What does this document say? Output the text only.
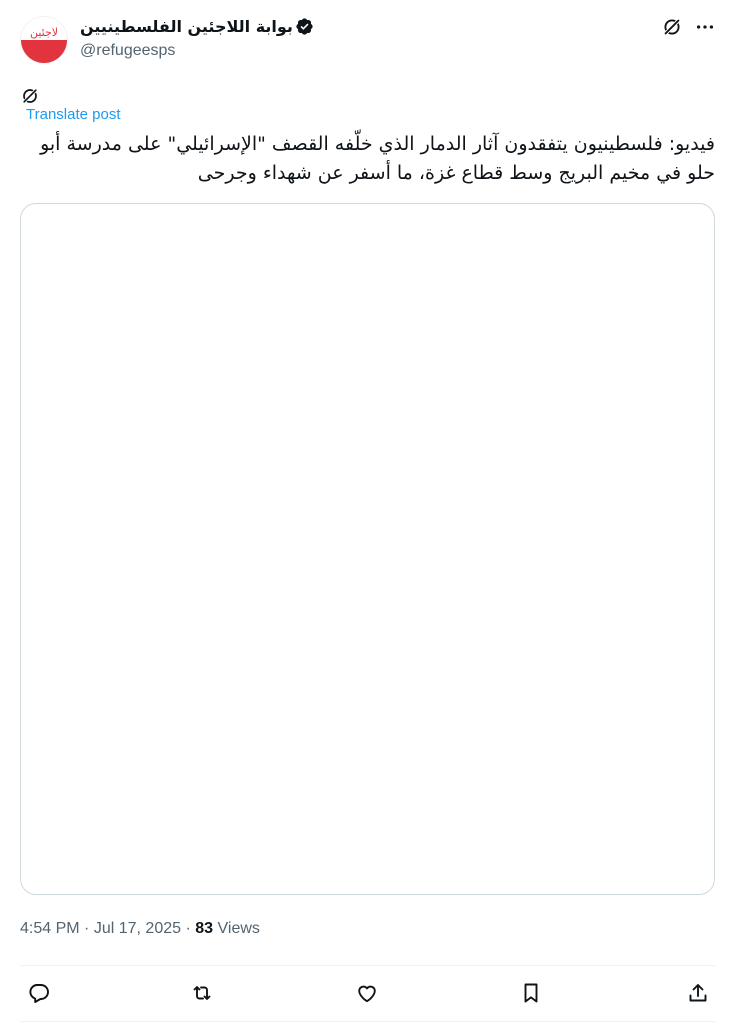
لاجئين	بوابة اللاجئين الفلسطينيين
@refugeesps
Translate post
فيديو: فلسطينيون يتفقدون آثار الدمار الذي خلّفه القصف "الإسرائيلي" على مدرسة أبو حلو في مخيم البريج وسط قطاع غزة، ما أسفر عن شهداء وجرحى
4:54 PM · Jul 17, 2025 · 83 Views
